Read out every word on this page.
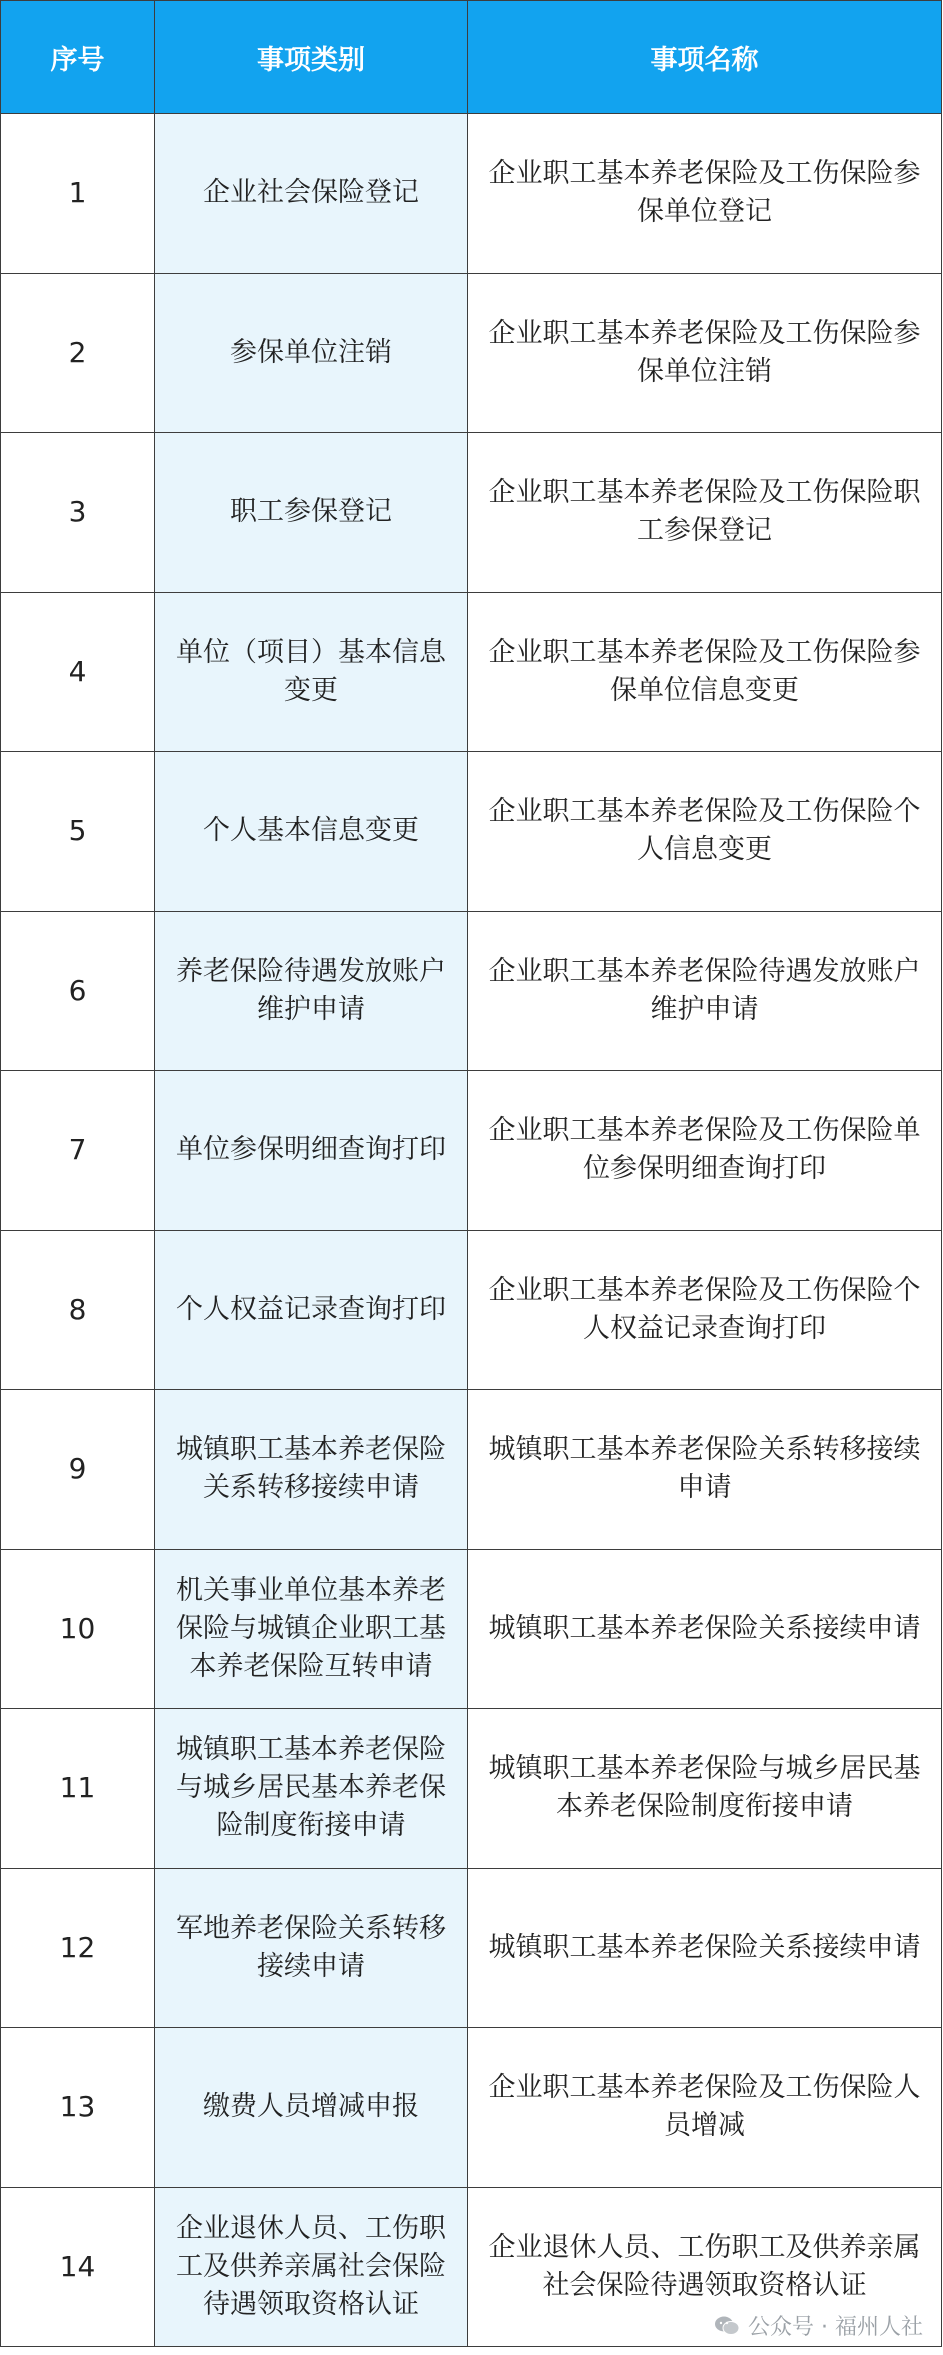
序号	事项类别	事项名称
1	企业社会保险登记	企业职工基本养老保险及工伤保险参保单位登记
2	参保单位注销	企业职工基本养老保险及工伤保险参保单位注销
3	职工参保登记	企业职工基本养老保险及工伤保险职工参保登记
4	单位（项目）基本信息变更	企业职工基本养老保险及工伤保险参保单位信息变更
5	个人基本信息变更	企业职工基本养老保险及工伤保险个人信息变更
6	养老保险待遇发放账户维护申请	企业职工基本养老保险待遇发放账户维护申请
7	单位参保明细查询打印	企业职工基本养老保险及工伤保险单位参保明细查询打印
8	个人权益记录查询打印	企业职工基本养老保险及工伤保险个人权益记录查询打印
9	城镇职工基本养老保险关系转移接续申请	城镇职工基本养老保险关系转移接续申请
10	机关事业单位基本养老保险与城镇企业职工基本养老保险互转申请	城镇职工基本养老保险关系接续申请
11	城镇职工基本养老保险与城乡居民基本养老保险制度衔接申请	城镇职工基本养老保险与城乡居民基本养老保险制度衔接申请
12	军地养老保险关系转移接续申请	城镇职工基本养老保险关系接续申请
13	缴费人员增减申报	企业职工基本养老保险及工伤保险人员增减
14	企业退休人员、工伤职工及供养亲属社会保险待遇领取资格认证	企业退休人员、工伤职工及供养亲属社会保险待遇领取资格认证
公众号 · 福州人社
